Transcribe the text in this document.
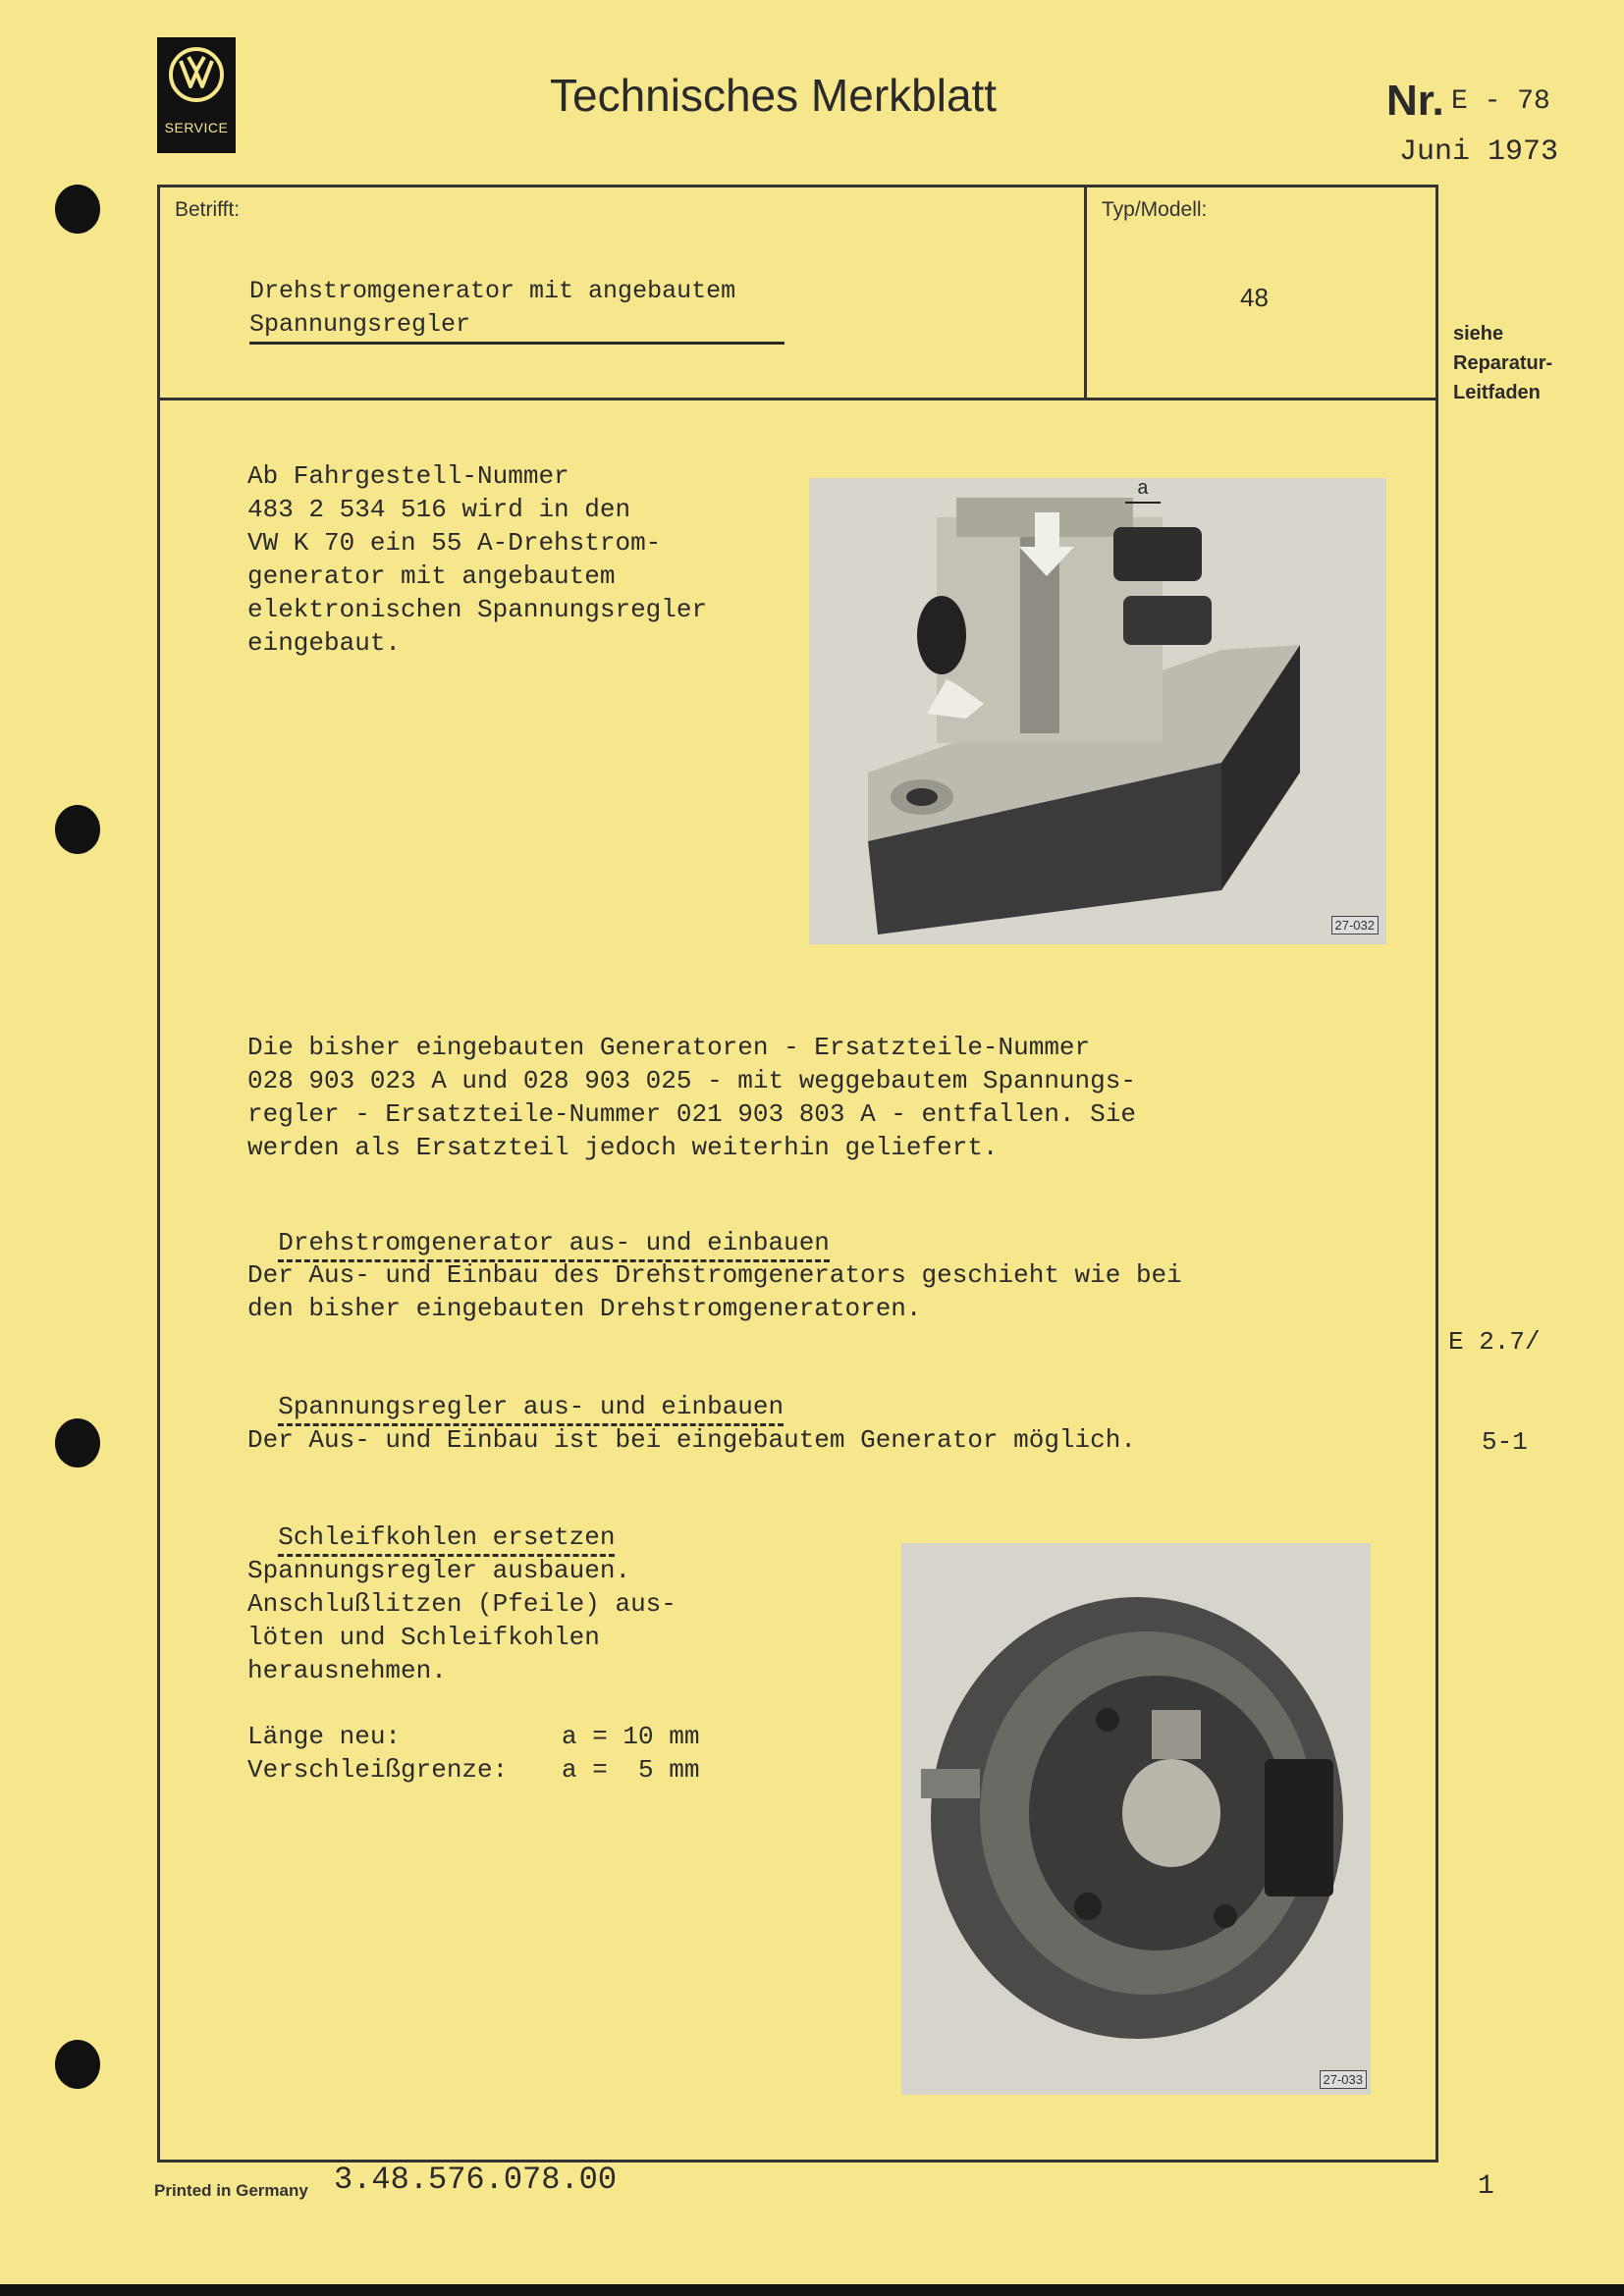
SERVICE
Technisches Merkblatt	Nr. E - 78
Juni 1973
Betrifft:	Typ/Modell:
Drehstromgenerator mit angebautem
Spannungsregler
48
siehe
Reparatur-
Leitfaden
Ab Fahrgestell-Nummer
483 2 534 516 wird in den
VW K 70 ein 55 A-Drehstrom-
generator mit angebautem
elektronischen Spannungsregler
eingebaut.
a
27-032
Die bisher eingebauten Generatoren - Ersatzteile-Nummer
028 903 023 A und 028 903 025 - mit weggebautem Spannungs-
regler - Ersatzteile-Nummer 021 903 803 A - entfallen. Sie
werden als Ersatzteil jedoch weiterhin geliefert.

Drehstromgenerator aus- und einbauen

Der Aus- und Einbau des Drehstromgenerators geschieht wie bei
den bisher eingebauten Drehstromgeneratoren.

E 2.7/

5-1

Spannungsregler aus- und einbauen

Der Aus- und Einbau ist bei eingebautem Generator möglich.

Schleifkohlen ersetzen

Spannungsregler ausbauen.
Anschlußlitzen (Pfeile) aus-
löten und Schleifkohlen
herausnehmen.
Länge neu:	a = 10 mm
Verschleißgrenze: a =  5 mm
27-033
Printed in Germany 3.48.576.078.00	1
